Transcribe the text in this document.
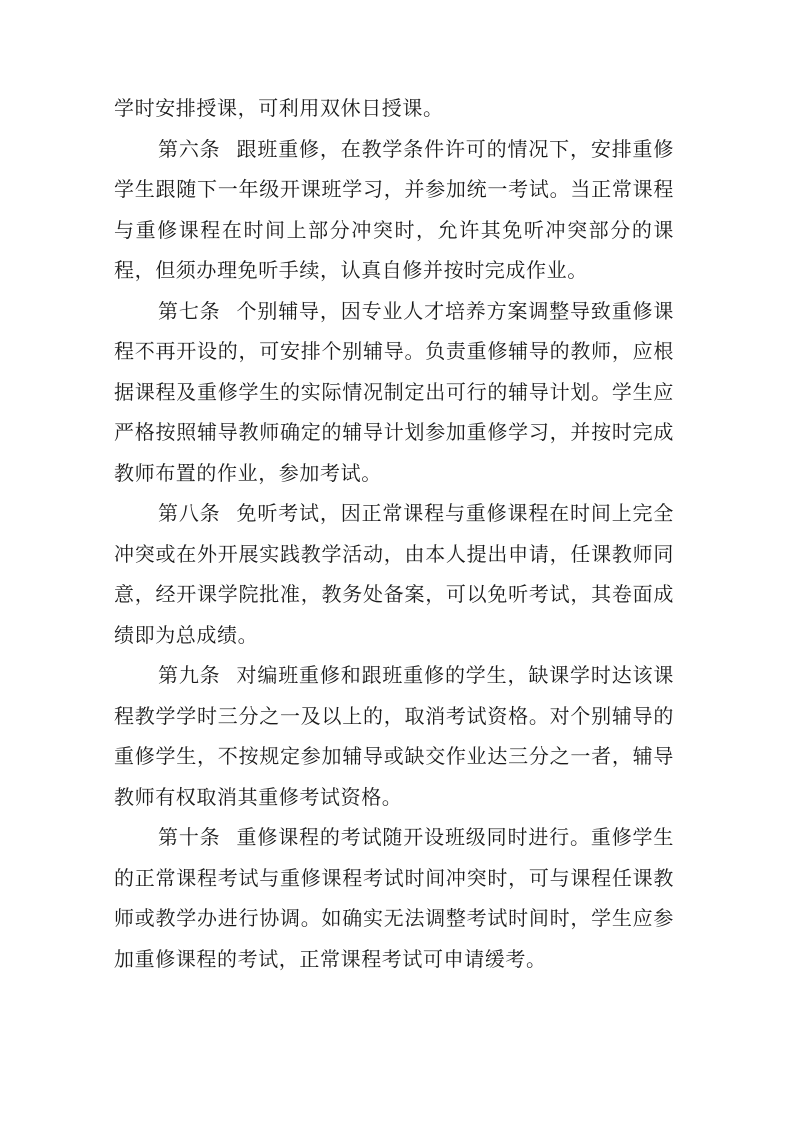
学时安排授课，可利用双休日授课。

第六条 跟班重修，在教学条件许可的情况下，安排重修学生跟随下一年级开课班学习，并参加统一考试。当正常课程与重修课程在时间上部分冲突时，允许其免听冲突部分的课程，但须办理免听手续，认真自修并按时完成作业。

第七条 个别辅导，因专业人才培养方案调整导致重修课程不再开设的，可安排个别辅导。负责重修辅导的教师，应根据课程及重修学生的实际情况制定出可行的辅导计划。学生应严格按照辅导教师确定的辅导计划参加重修学习，并按时完成教师布置的作业，参加考试。

第八条 免听考试，因正常课程与重修课程在时间上完全冲突或在外开展实践教学活动，由本人提出申请，任课教师同意，经开课学院批准，教务处备案，可以免听考试，其卷面成绩即为总成绩。

第九条 对编班重修和跟班重修的学生，缺课学时达该课程教学学时三分之一及以上的，取消考试资格。对个别辅导的重修学生，不按规定参加辅导或缺交作业达三分之一者，辅导教师有权取消其重修考试资格。

第十条 重修课程的考试随开设班级同时进行。重修学生的正常课程考试与重修课程考试时间冲突时，可与课程任课教师或教学办进行协调。如确实无法调整考试时间时，学生应参加重修课程的考试，正常课程考试可申请缓考。
